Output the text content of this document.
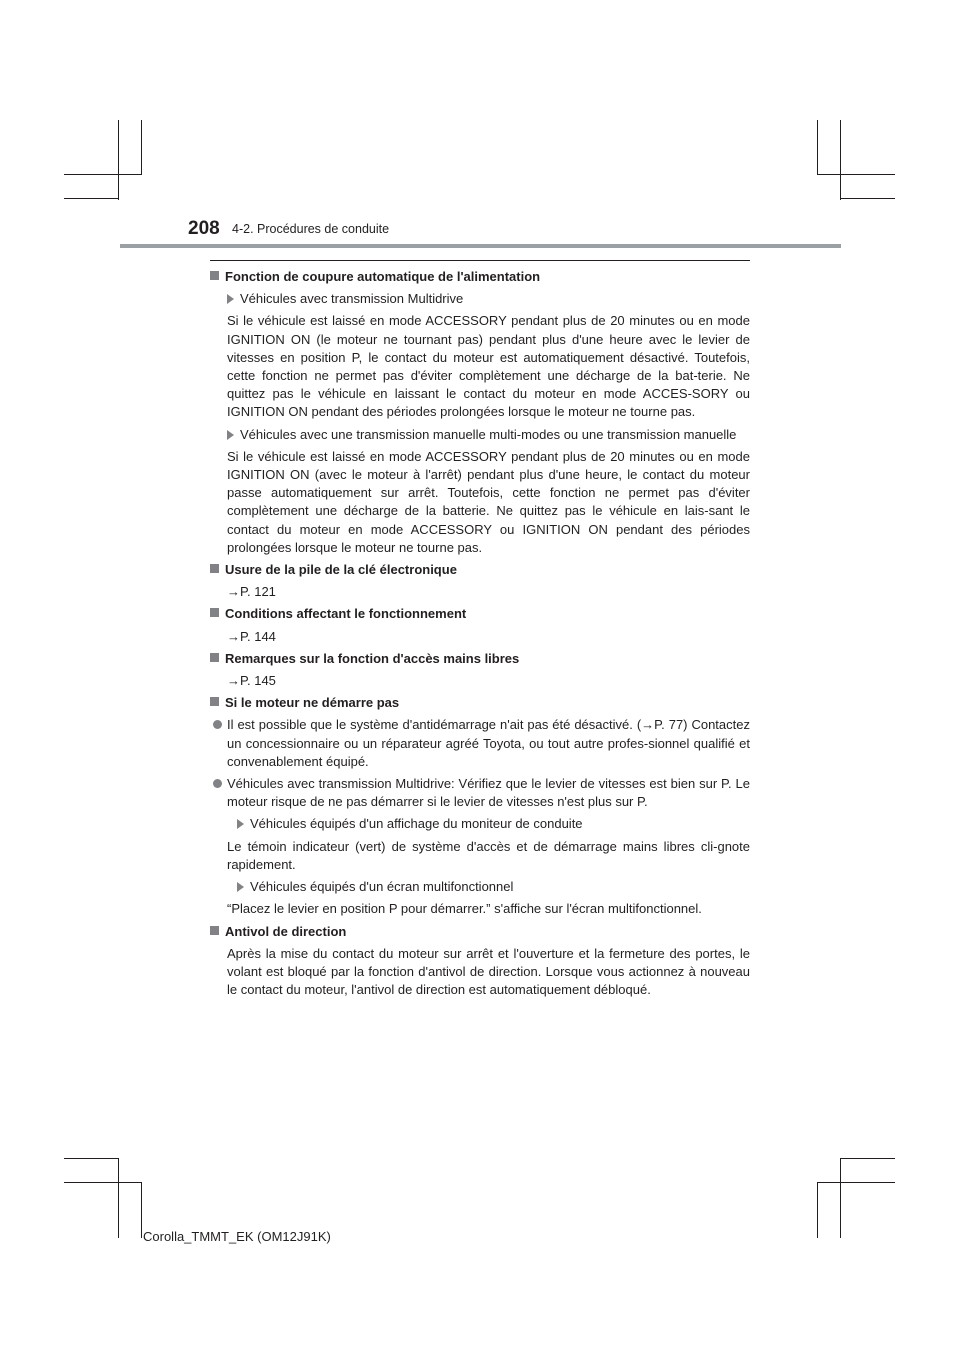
208 4-2. Procédures de conduite
Fonction de coupure automatique de l'alimentation
Véhicules avec transmission Multidrive

Si le véhicule est laissé en mode ACCESSORY pendant plus de 20 minutes ou en mode IGNITION ON (le moteur ne tournant pas) pendant plus d'une heure avec le levier de vitesses en position P, le contact du moteur est automatiquement désactivé. Toutefois, cette fonction ne permet pas d'éviter complètement une décharge de la bat-terie. Ne quittez pas le véhicule en laissant le contact du moteur en mode ACCES-SORY ou IGNITION ON pendant des périodes prolongées lorsque le moteur ne tourne pas.

Véhicules avec une transmission manuelle multi-modes ou une transmission manuelle

Si le véhicule est laissé en mode ACCESSORY pendant plus de 20 minutes ou en mode IGNITION ON (avec le moteur à l'arrêt) pendant plus d'une heure, le contact du moteur passe automatiquement sur arrêt. Toutefois, cette fonction ne permet pas d'éviter complètement une décharge de la batterie. Ne quittez pas le véhicule en lais-sant le contact du moteur en mode ACCESSORY ou IGNITION ON pendant des périodes prolongées lorsque le moteur ne tourne pas.

Usure de la pile de la clé électronique
→P. 121
Conditions affectant le fonctionnement
→P. 144
Remarques sur la fonction d'accès mains libres
→P. 145
Si le moteur ne démarre pas
Il est possible que le système d'antidémarrage n'ait pas été désactivé. (→P. 77) Contactez un concessionnaire ou un réparateur agréé Toyota, ou tout autre profes-sionnel qualifié et convenablement équipé.
Véhicules avec transmission Multidrive: Vérifiez que le levier de vitesses est bien sur P. Le moteur risque de ne pas démarrer si le levier de vitesses n'est plus sur P.
Véhicules équipés d'un affichage du moniteur de conduite

Le témoin indicateur (vert) de système d'accès et de démarrage mains libres cli-gnote rapidement.

Véhicules équipés d'un écran multifonctionnel

“Placez le levier en position P pour démarrer.” s'affiche sur l'écran multifonctionnel.

Antivol de direction

Après la mise du contact du moteur sur arrêt et l'ouverture et la fermeture des portes, le volant est bloqué par la fonction d'antivol de direction. Lorsque vous actionnez à nouveau le contact du moteur, l'antivol de direction est automatiquement débloqué.

Corolla_TMMT_EK (OM12J91K)
